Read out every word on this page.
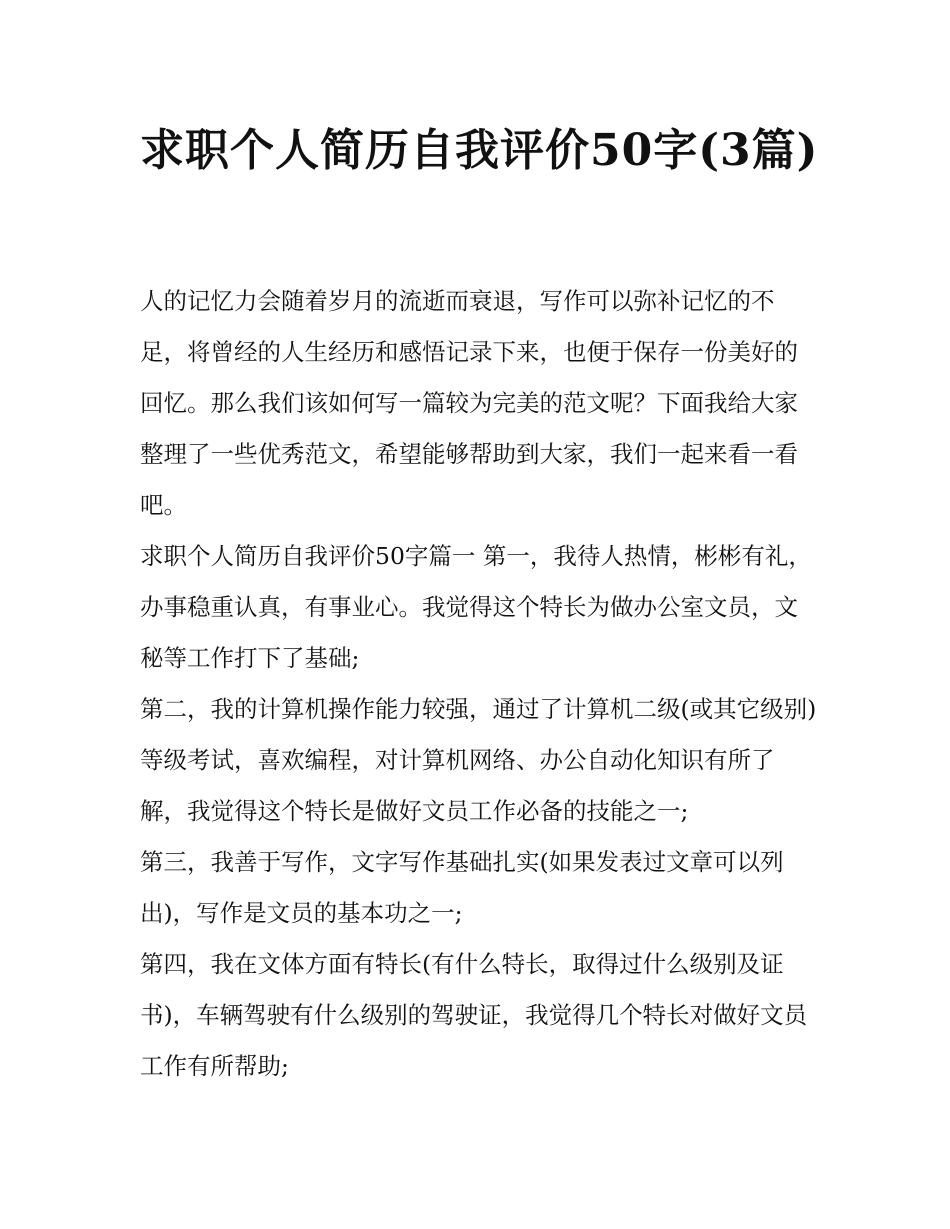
求职个人简历自我评价50字(3篇)

人的记忆力会随着岁月的流逝而衰退，写作可以弥补记忆的不足，将曾经的人生经历和感悟记录下来，也便于保存一份美好的回忆。那么我们该如何写一篇较为完美的范文呢？下面我给大家整理了一些优秀范文，希望能够帮助到大家，我们一起来看一看吧。

求职个人简历自我评价50字篇一 第一，我待人热情，彬彬有礼，办事稳重认真，有事业心。我觉得这个特长为做办公室文员，文秘等工作打下了基础;

第二，我的计算机操作能力较强，通过了计算机二级(或其它级别)等级考试，喜欢编程，对计算机网络、办公自动化知识有所了解，我觉得这个特长是做好文员工作必备的技能之一;

第三，我善于写作，文字写作基础扎实(如果发表过文章可以列出)，写作是文员的基本功之一;

第四，我在文体方面有特长(有什么特长，取得过什么级别及证书)，车辆驾驶有什么级别的驾驶证，我觉得几个特长对做好文员工作有所帮助;
